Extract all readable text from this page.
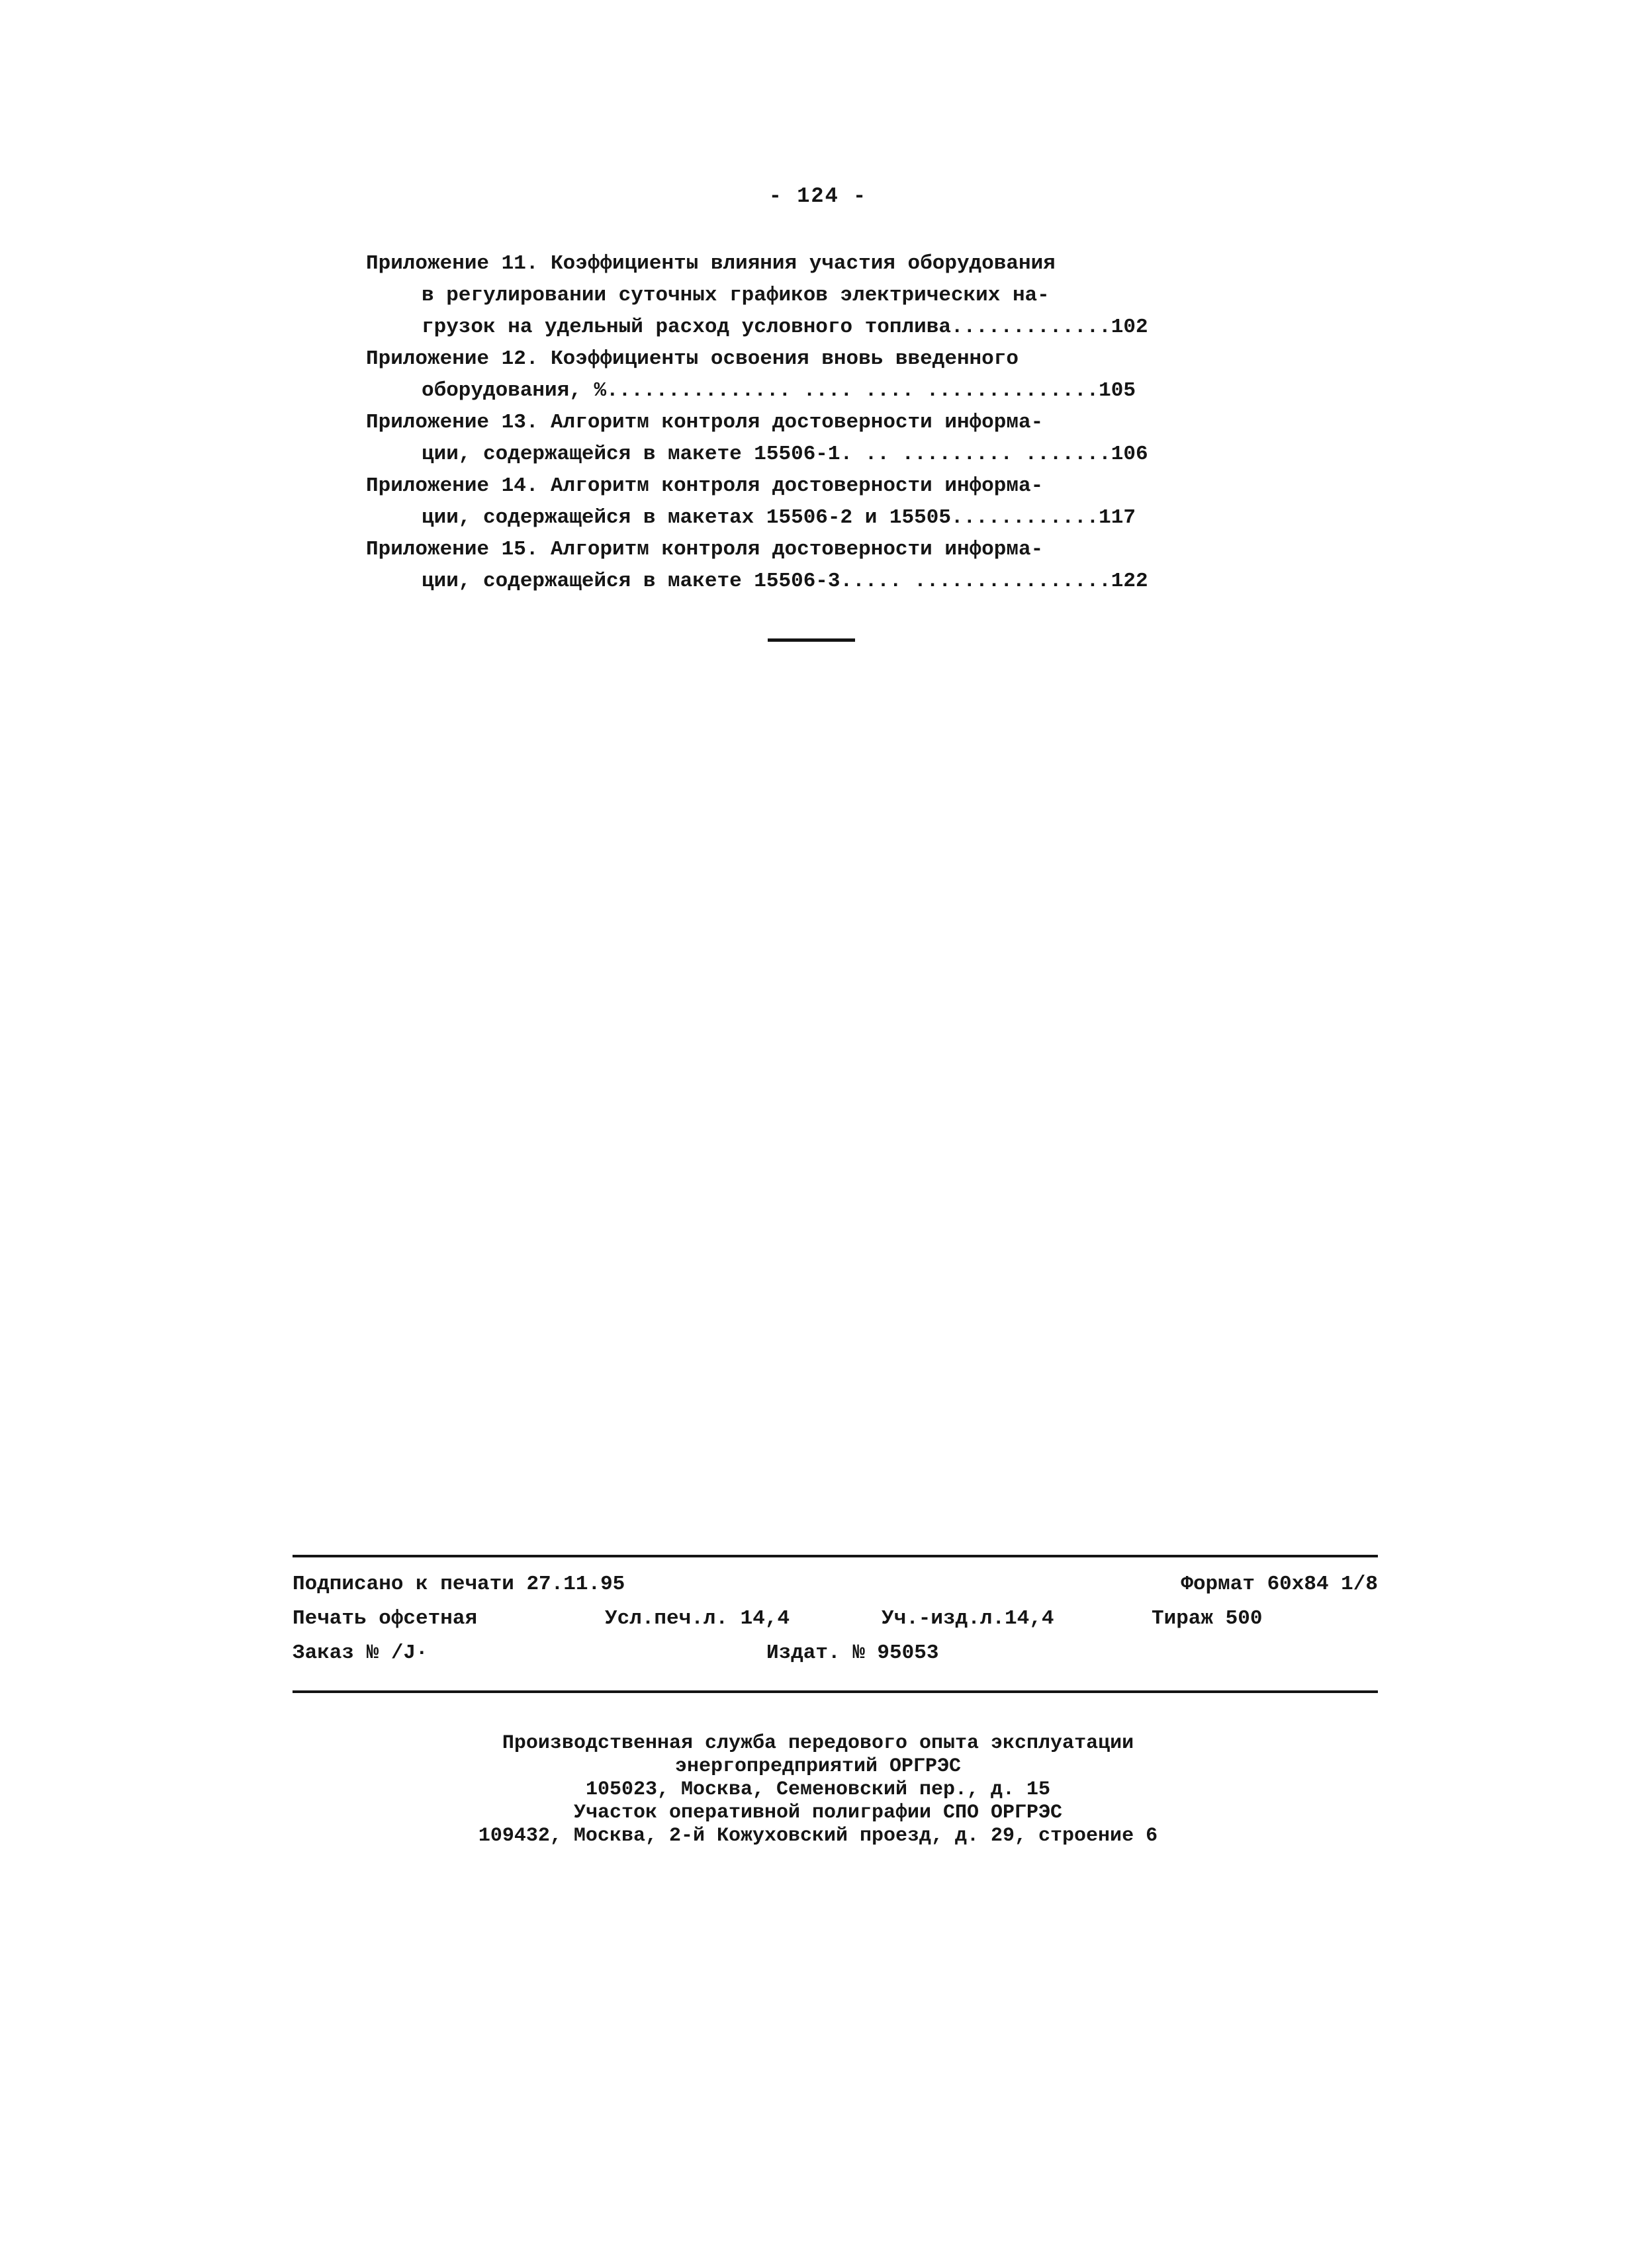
- 124 -
Приложение 11. Коэффициенты влияния участия оборудования
в регулировании суточных графиков электрических на-
грузок на удельный расход условного топлива.............102
Приложение 12. Коэффициенты освоения вновь введенного
оборудования, %............... .... .... ..............105
Приложение 13. Алгоритм контроля достоверности информа-
ции, содержащейся в макете 15506-1. .. ......... .......106
Приложение 14. Алгоритм контроля достоверности информа-
ции, содержащейся в макетах 15506-2 и 15505............117
Приложение 15. Алгоритм контроля достоверности информа-
ции, содержащейся в макете 15506-3..... ................122
Подписано к печати 27.11.95	Формат 60х84 1/8
Печать офсетная	Усл.печ.л. 14,4	Уч.-изд.л.14,4	Тираж 500
Заказ № /J·	Издат. № 95053
Производственная служба передового опыта эксплуатации
энергопредприятий ОРГРЭС
105023, Москва, Семеновский пер., д. 15
Участок оперативной полиграфии СПО ОРГРЭС
109432, Москва, 2-й Кожуховский проезд, д. 29, строение 6
